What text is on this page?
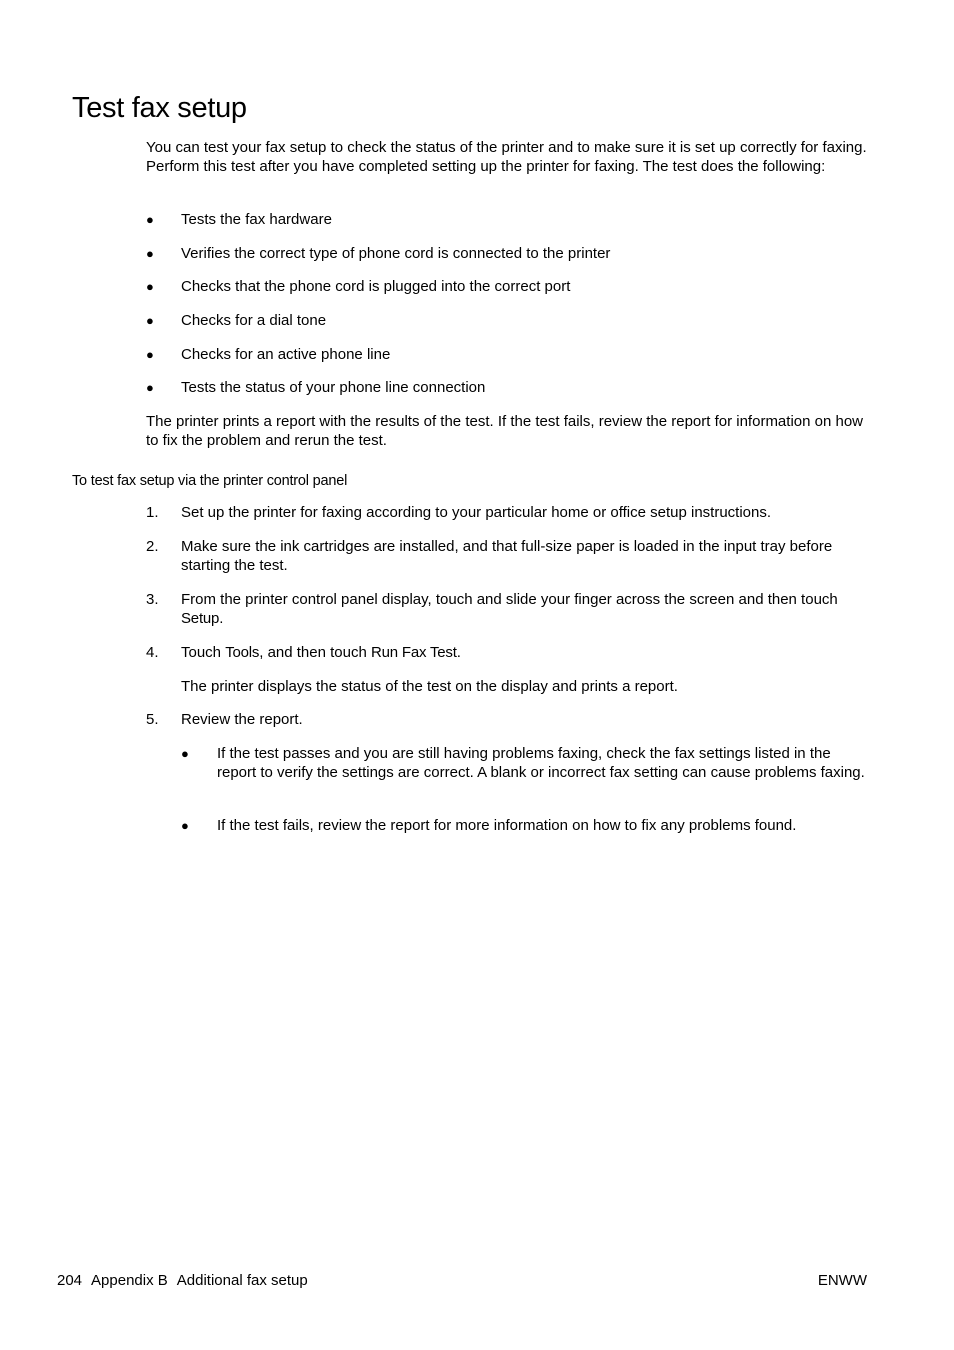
Test fax setup

You can test your fax setup to check the status of the printer and to make sure it is set up correctly for faxing. Perform this test after you have completed setting up the printer for faxing. The test does the following:

● Tests the fax hardware
● Verifies the correct type of phone cord is connected to the printer
● Checks that the phone cord is plugged into the correct port
● Checks for a dial tone
● Checks for an active phone line
● Tests the status of your phone line connection

The printer prints a report with the results of the test. If the test fails, review the report for information on how to fix the problem and rerun the test.

To test fax setup via the printer control panel
1. Set up the printer for faxing according to your particular home or office setup instructions.
2. Make sure the ink cartridges are installed, and that full-size paper is loaded in the input tray before starting the test.
3. From the printer control panel display, touch and slide your finger across the screen and then touch Setup.
4. Touch Tools, and then touch Run Fax Test.
The printer displays the status of the test on the display and prints a report.
5. Review the report.
● If the test passes and you are still having problems faxing, check the fax settings listed in the report to verify the settings are correct. A blank or incorrect fax setting can cause problems faxing.
● If the test fails, review the report for more information on how to fix any problems found.
204 Appendix B Additional fax setup	ENWW
